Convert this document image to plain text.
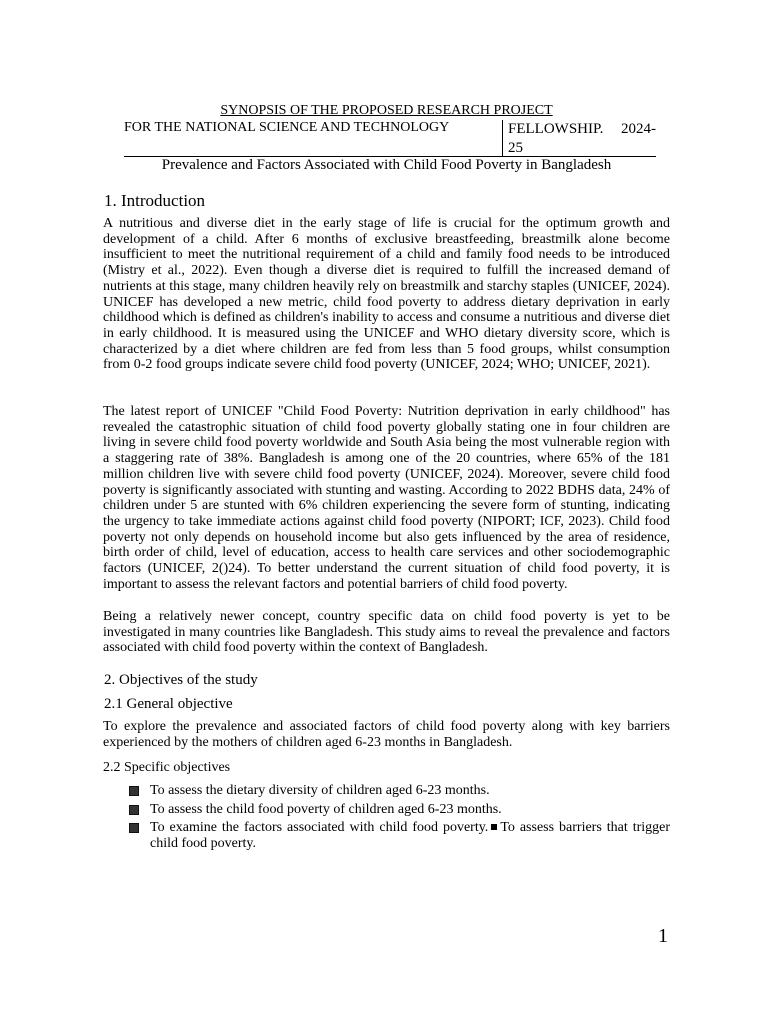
SYNOPSIS OF THE PROPOSED RESEARCH PROJECT
FOR THE NATIONAL SCIENCE AND TECHNOLOGY	FELLOWSHIP. 2024-
25
Prevalence and Factors Associated with Child Food Poverty in Bangladesh
1. Introduction
A nutritious and diverse diet in the early stage of life is crucial for the optimum growth and development of a child. After 6 months of exclusive breastfeeding, breastmilk alone become insufficient to meet the nutritional requirement of a child and family food needs to be introduced (Mistry et al., 2022). Even though a diverse diet is required to fulfill the increased demand of nutrients at this stage, many children heavily rely on breastmilk and starchy staples (UNICEF, 2024). UNICEF has developed a new metric, child food poverty to address dietary deprivation in early childhood which is defined as children's inability to access and consume a nutritious and diverse diet in early childhood. It is measured using the UNICEF and WHO dietary diversity score, which is characterized by a diet where children are fed from less than 5 food groups, whilst consumption from 0-2 food groups indicate severe child food poverty (UNICEF, 2024; WHO; UNICEF, 2021).
The latest report of UNICEF "Child Food Poverty: Nutrition deprivation in early childhood" has revealed the catastrophic situation of child food poverty globally stating one in four children are living in severe child food poverty worldwide and South Asia being the most vulnerable region with a staggering rate of 38%. Bangladesh is among one of the 20 countries, where 65% of the 181 million children live with severe child food poverty (UNICEF, 2024). Moreover, severe child food poverty is significantly associated with stunting and wasting. According to 2022 BDHS data, 24% of children under 5 are stunted with 6% children experiencing the severe form of stunting, indicating the urgency to take immediate actions against child food poverty (NIPORT; ICF, 2023). Child food poverty not only depends on household income but also gets influenced by the area of residence, birth order of child, level of education, access to health care services and other sociodemographic factors (UNICEF, 2()24). To better understand the current situation of child food poverty, it is important to assess the relevant factors and potential barriers of child food poverty.
Being a relatively newer concept, country specific data on child food poverty is yet to be investigated in many countries like Bangladesh. This study aims to reveal the prevalence and factors associated with child food poverty within the context of Bangladesh.
2. Objectives of the study
2.1 General objective
To explore the prevalence and associated factors of child food poverty along with key barriers experienced by the mothers of children aged 6-23 months in Bangladesh.
2.2 Specific objectives
To assess the dietary diversity of children aged 6-23 months.
To assess the child food poverty of children aged 6-23 months.
To examine the factors associated with child food poverty. To assess barriers that trigger child food poverty.
1
